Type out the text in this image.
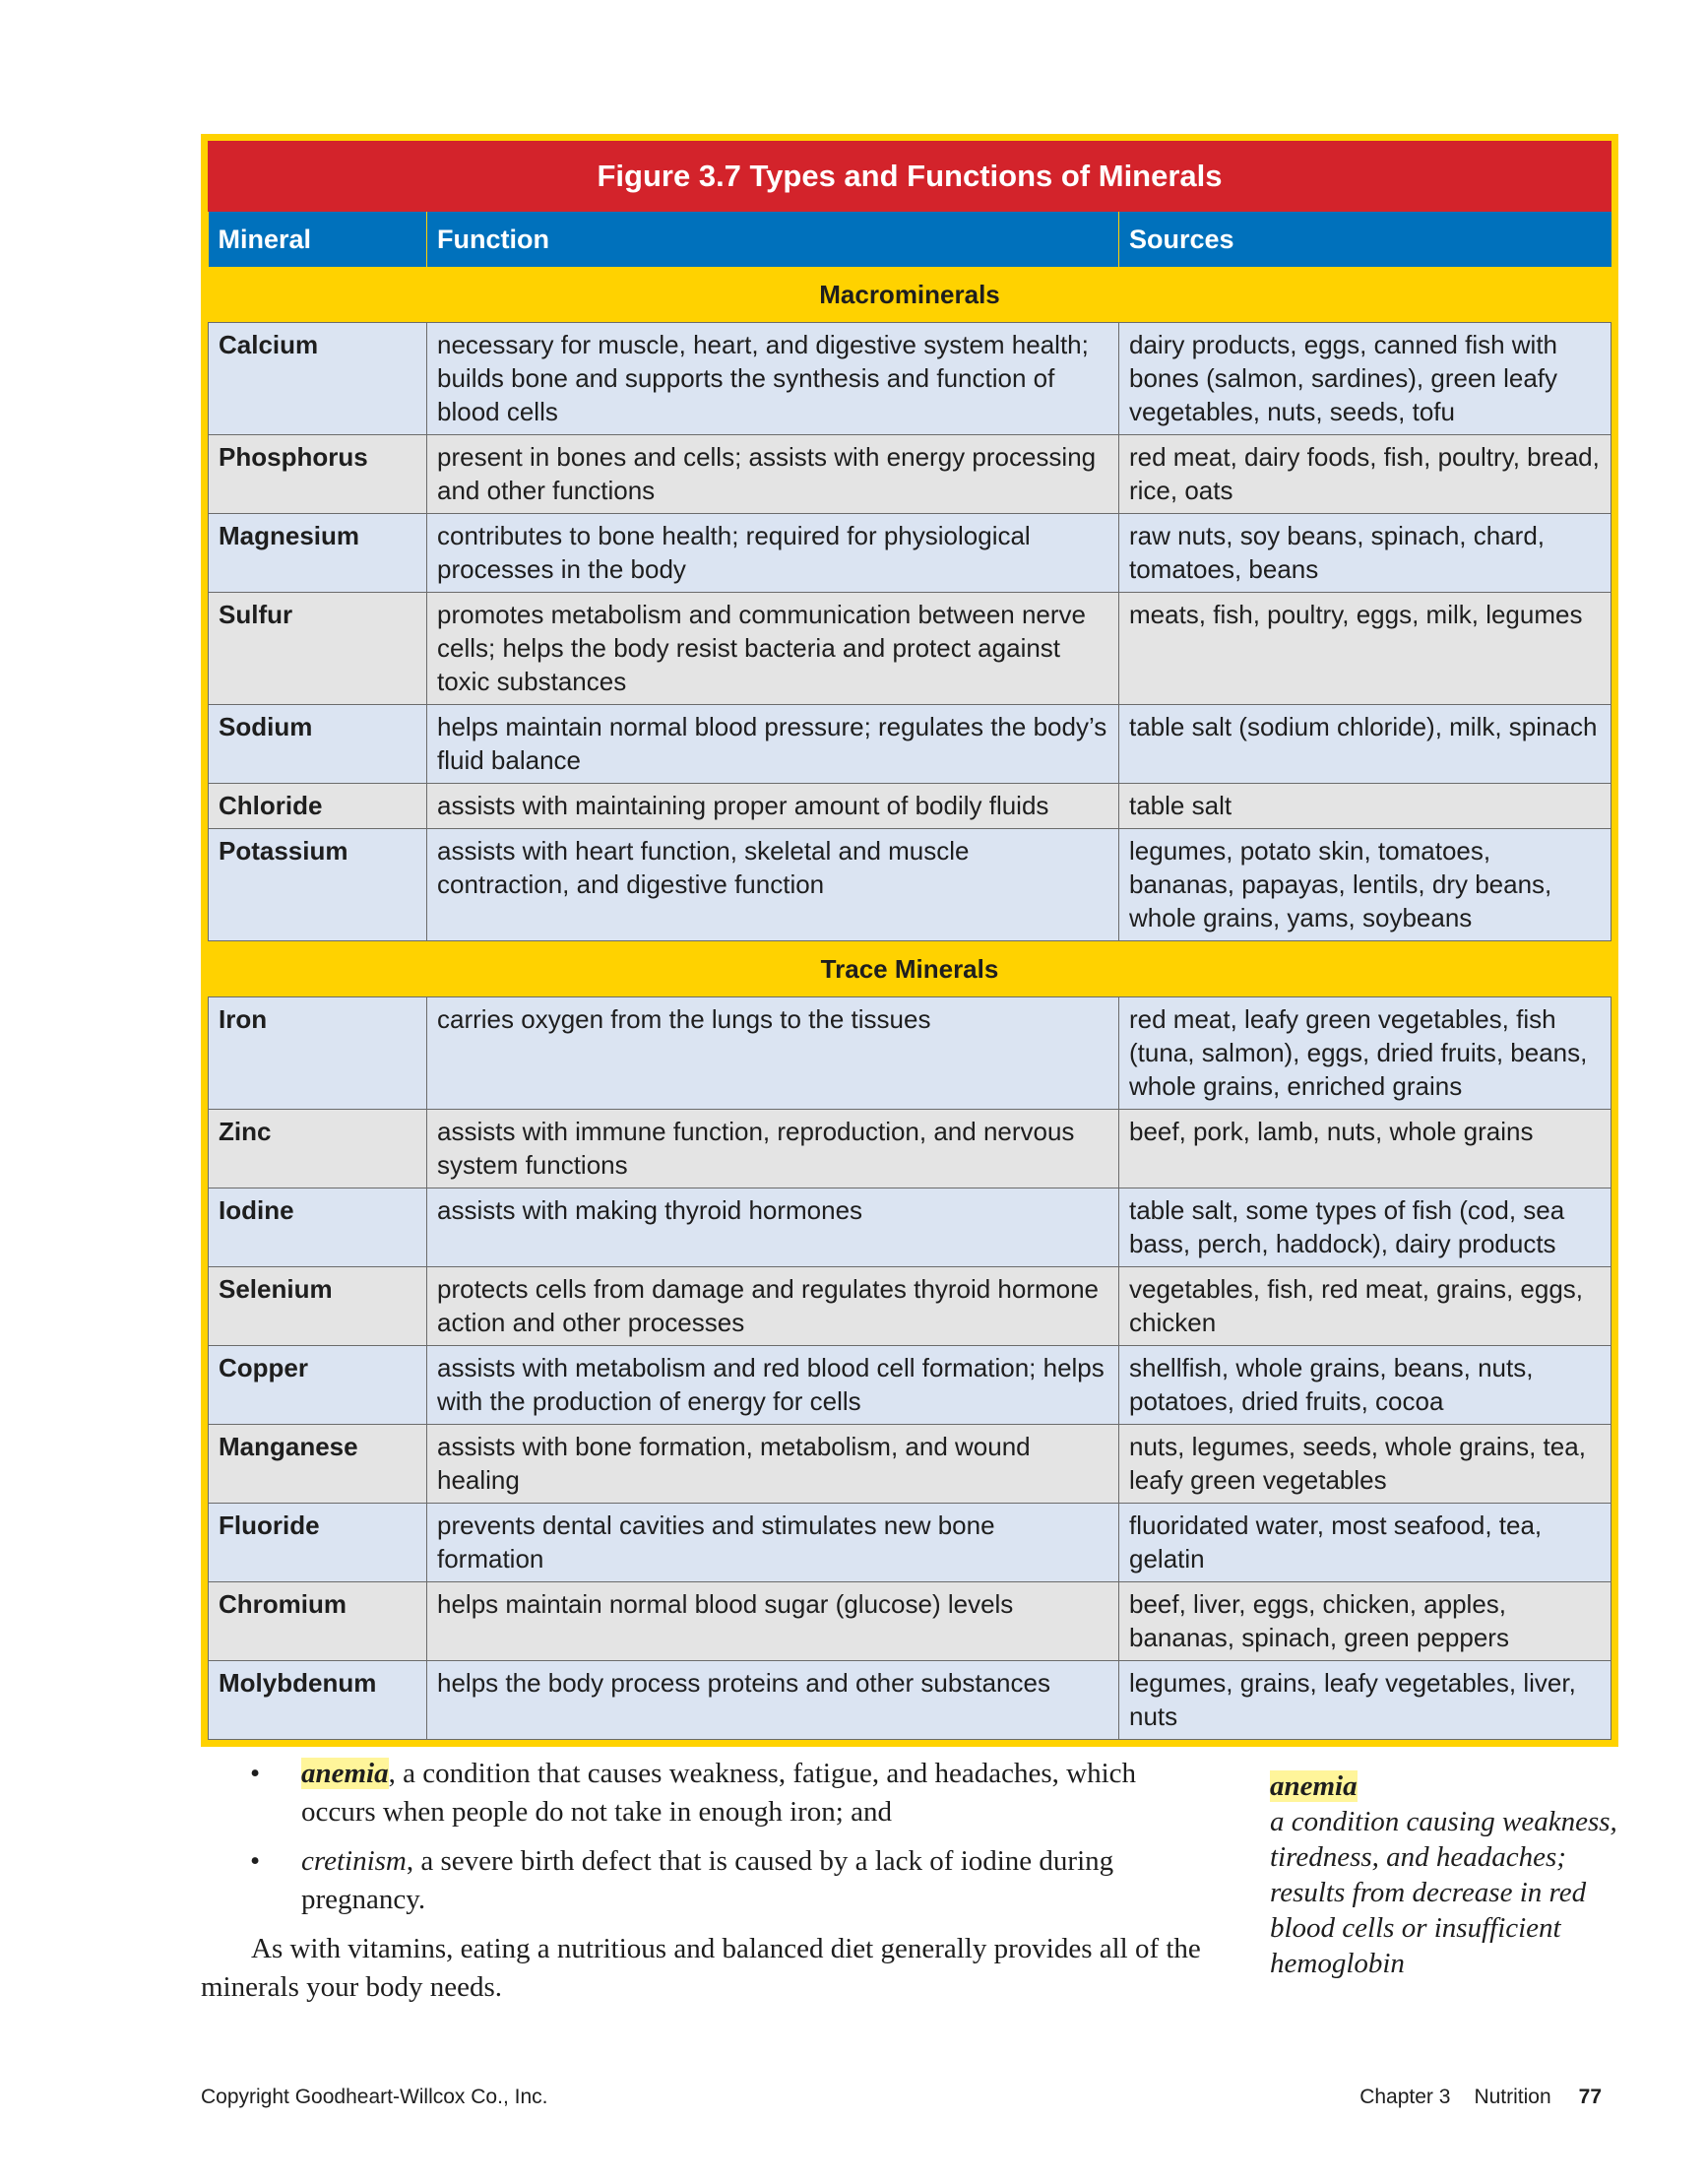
Figure 3.7 Types and Functions of Minerals
Mineral	Function	Sources
Macrominerals		
Calcium	necessary for muscle, heart, and digestive system health; builds bone and supports the synthesis and function of blood cells	dairy products, eggs, canned fish with bones (salmon, sardines), green leafy vegetables, nuts, seeds, tofu
Phosphorus	present in bones and cells; assists with energy processing and other functions	red meat, dairy foods, fish, poultry, bread, rice, oats
Magnesium	contributes to bone health; required for physiological processes in the body	raw nuts, soy beans, spinach, chard, tomatoes, beans
Sulfur	promotes metabolism and communication between nerve cells; helps the body resist bacteria and protect against toxic substances	meats, fish, poultry, eggs, milk, legumes
Sodium	helps maintain normal blood pressure; regulates the body’s fluid balance	table salt (sodium chloride), milk, spinach
Chloride	assists with maintaining proper amount of bodily fluids	table salt
Potassium	assists with heart function, skeletal and muscle contraction, and digestive function	legumes, potato skin, tomatoes, bananas, papayas, lentils, dry beans, whole grains, yams, soybeans
Trace Minerals		
Iron	carries oxygen from the lungs to the tissues	red meat, leafy green vegetables, fish (tuna, salmon), eggs, dried fruits, beans, whole grains, enriched grains
Zinc	assists with immune function, reproduction, and nervous system functions	beef, pork, lamb, nuts, whole grains
Iodine	assists with making thyroid hormones	table salt, some types of fish (cod, sea bass, perch, haddock), dairy products
Selenium	protects cells from damage and regulates thyroid hormone action and other processes	vegetables, fish, red meat, grains, eggs, chicken
Copper	assists with metabolism and red blood cell formation; helps with the production of energy for cells	shellfish, whole grains, beans, nuts, potatoes, dried fruits, cocoa
Manganese	assists with bone formation, metabolism, and wound healing	nuts, legumes, seeds, whole grains, tea, leafy green vegetables
Fluoride	prevents dental cavities and stimulates new bone formation	fluoridated water, most seafood, tea, gelatin
Chromium	helps maintain normal blood sugar (glucose) levels	beef, liver, eggs, chicken, apples, bananas, spinach, green peppers
Molybdenum	helps the body process proteins and other substances	legumes, grains, leafy vegetables, liver, nuts
• anemia, a condition that causes weakness, fatigue, and headaches, which occurs when people do not take in enough iron; and
• cretinism, a severe birth defect that is caused by a lack of iodine during pregnancy.
As with vitamins, eating a nutritious and balanced diet generally provides all of the minerals your body needs.
anemia
a condition causing weakness, tiredness, and headaches; results from decrease in red blood cells or insufficient hemoglobin
Copyright Goodheart-Willcox Co., Inc.	Chapter 3 Nutrition 77
